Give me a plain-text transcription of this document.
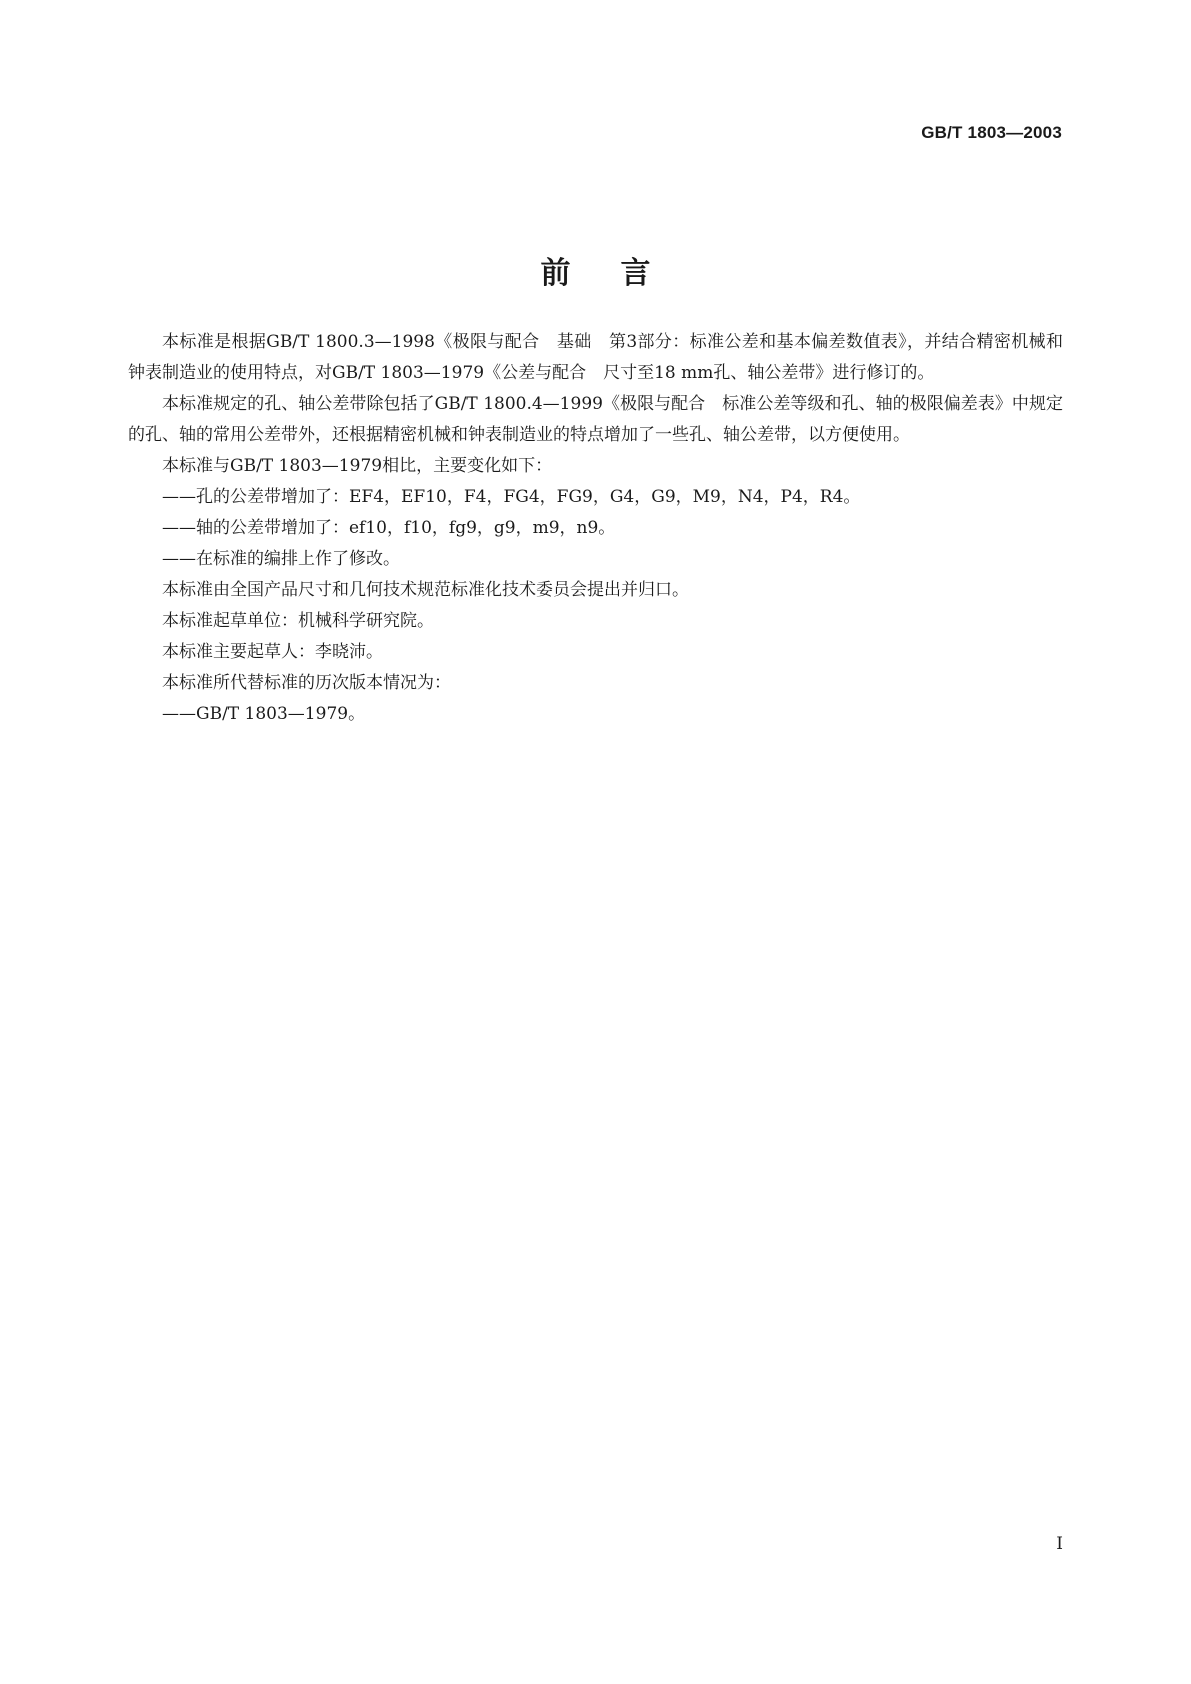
GB/T 1803—2003
前言

本标准是根据GB/T 1800.3—1998《极限与配合　基础　第3部分：标准公差和基本偏差数值表》，并结合精密机械和钟表制造业的使用特点，对GB/T 1803—1979《公差与配合　尺寸至18 mm孔、轴公差带》进行修订的。

本标准规定的孔、轴公差带除包括了GB/T 1800.4—1999《极限与配合　标准公差等级和孔、轴的极限偏差表》中规定的孔、轴的常用公差带外，还根据精密机械和钟表制造业的特点增加了一些孔、轴公差带，以方便使用。

本标准与GB/T 1803—1979相比，主要变化如下：

——孔的公差带增加了：EF4，EF10，F4，FG4，FG9，G4，G9，M9，N4，P4，R4。

——轴的公差带增加了：ef10，f10，fg9，g9，m9，n9。

——在标准的编排上作了修改。

本标准由全国产品尺寸和几何技术规范标准化技术委员会提出并归口。

本标准起草单位：机械科学研究院。

本标准主要起草人：李晓沛。

本标准所代替标准的历次版本情况为：

——GB/T 1803—1979。

I
